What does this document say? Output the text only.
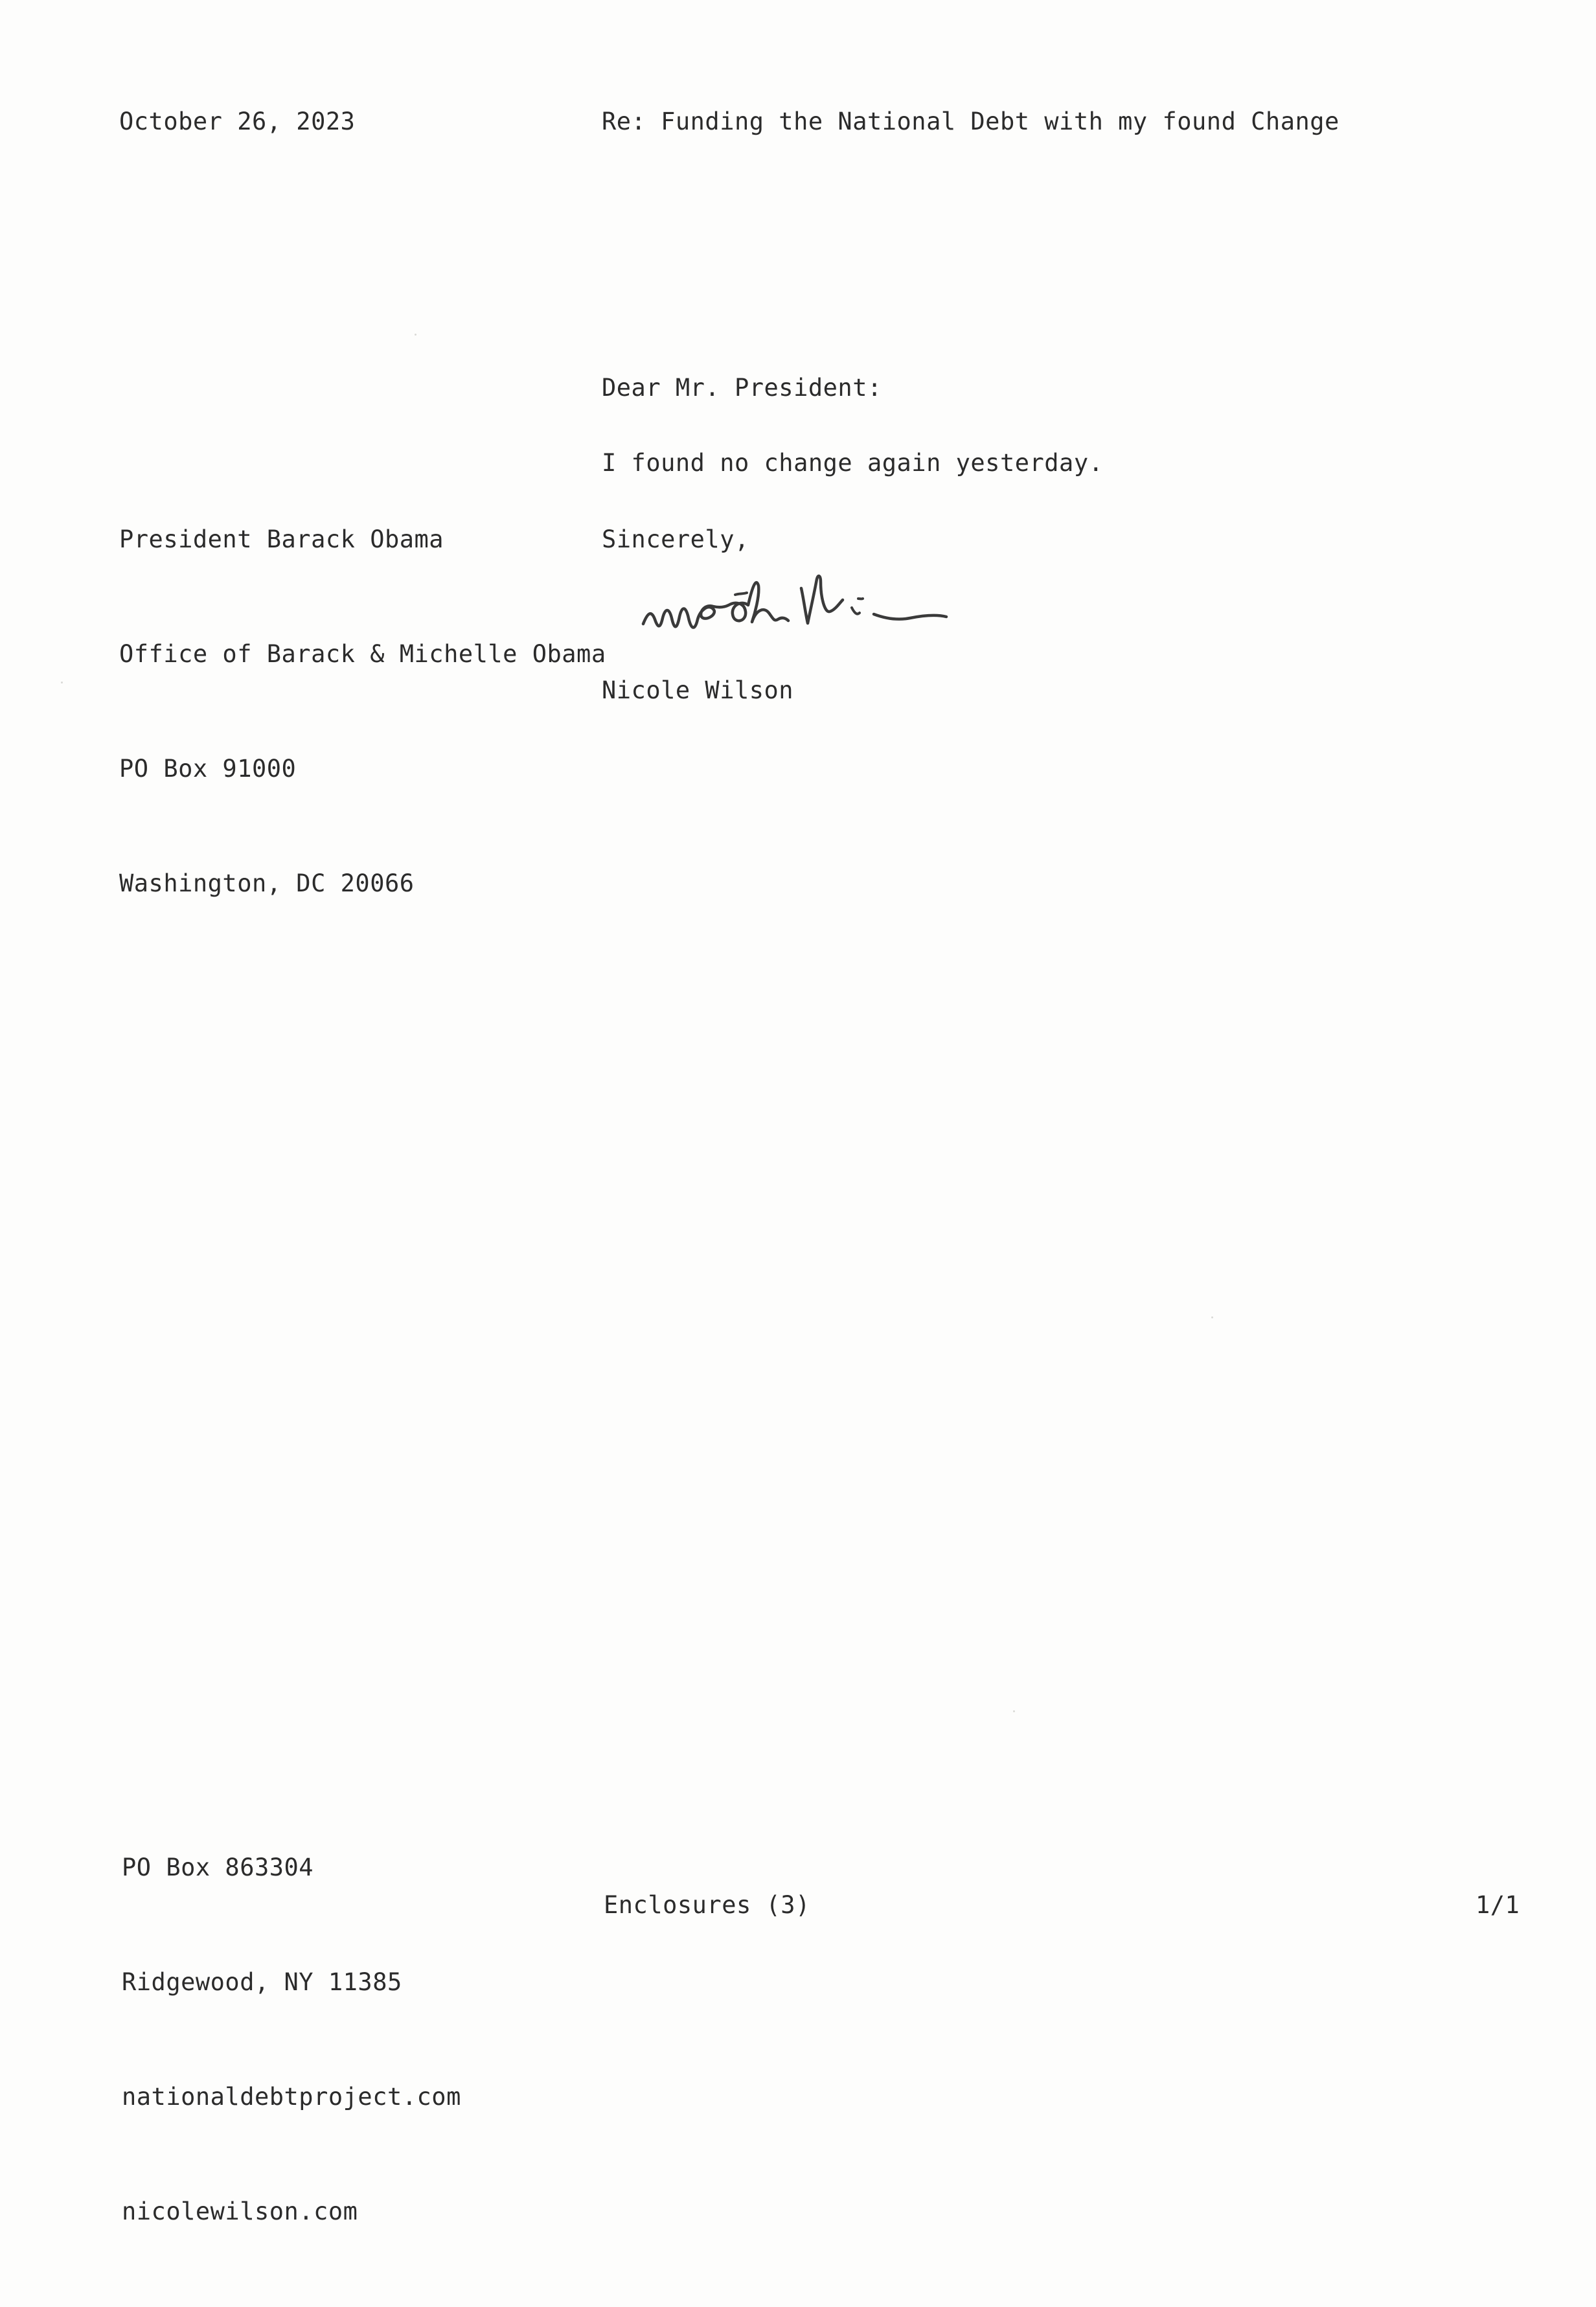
October 26, 2023	Re: Funding the National Debt with my found Change
Dear Mr. President:

President Barack Obama

Office of Barack & Michelle Obama

PO Box 91000

Washington, DC 20066

I found no change again yesterday.
Sincerely,
Nicole Wilson

PO Box 863304

Ridgewood, NY 11385

nationaldebtproject.com

nicolewilson.com

Enclosures (3)	1/1
